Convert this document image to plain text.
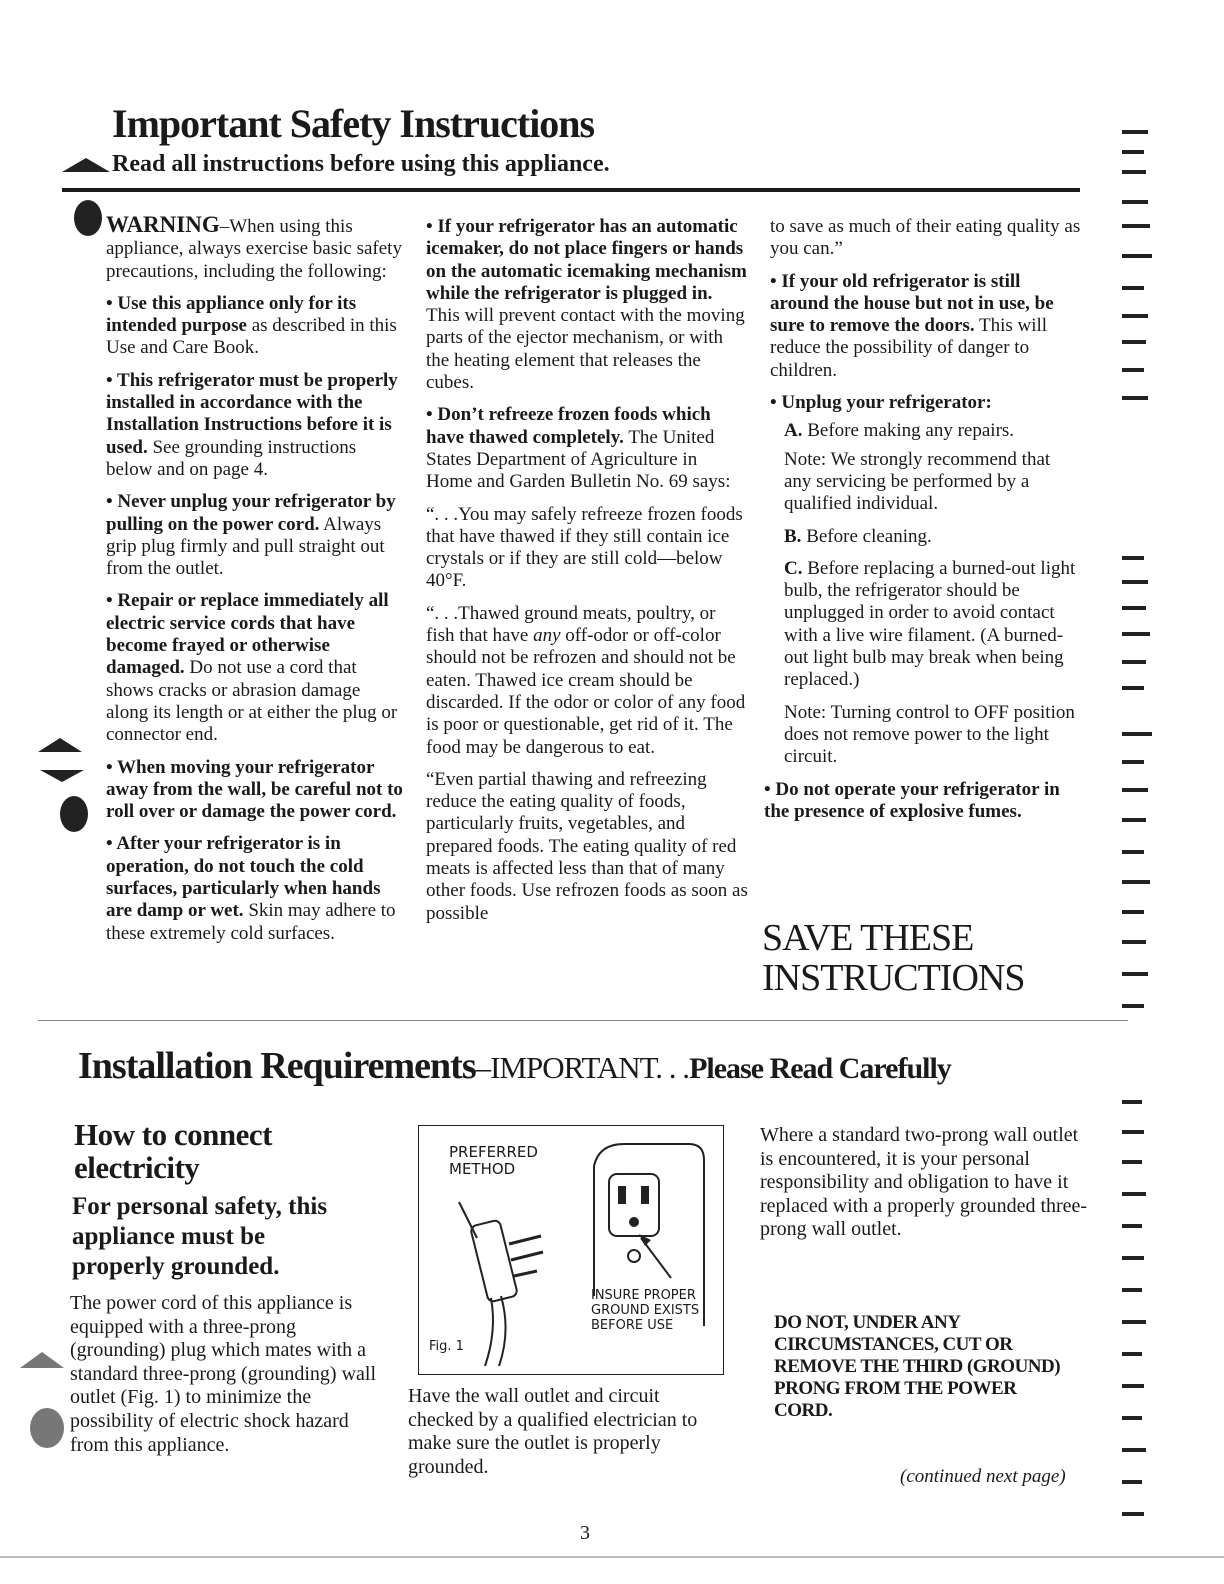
Important Safety Instructions
Read all instructions before using this appliance.

WARNING–When using this appliance, always exercise basic safety precautions, including the following:

• Use this appliance only for its intended purpose as described in this Use and Care Book.

• This refrigerator must be properly installed in accordance with the Installation Instructions before it is used. See grounding instructions below and on page 4.

• Never unplug your refrigerator by pulling on the power cord. Always grip plug firmly and pull straight out from the outlet.

• Repair or replace immediately all electric service cords that have become frayed or otherwise damaged. Do not use a cord that shows cracks or abrasion damage along its length or at either the plug or connector end.

• When moving your refrigerator away from the wall, be careful not to roll over or damage the power cord.

• After your refrigerator is in operation, do not touch the cold surfaces, particularly when hands are damp or wet. Skin may adhere to these extremely cold surfaces.

• If your refrigerator has an automatic icemaker, do not place fingers or hands on the automatic icemaking mechanism while the refrigerator is plugged in. This will prevent contact with the moving parts of the ejector mechanism, or with the heating element that releases the cubes.

• Don’t refreeze frozen foods which have thawed completely. The United States Department of Agriculture in Home and Garden Bulletin No. 69 says:

“. . .You may safely refreeze frozen foods that have thawed if they still contain ice crystals or if they are still cold—below 40°F.

“. . .Thawed ground meats, poultry, or fish that have any off-odor or off-color should not be refrozen and should not be eaten. Thawed ice cream should be discarded. If the odor or color of any food is poor or questionable, get rid of it. The food may be dangerous to eat.

“Even partial thawing and refreezing reduce the eating quality of foods, particularly fruits, vegetables, and prepared foods. The eating quality of red meats is affected less than that of many other foods. Use refrozen foods as soon as possible

to save as much of their eating quality as you can.”

• If your old refrigerator is still around the house but not in use, be sure to remove the doors. This will reduce the possibility of danger to children.

• Unplug your refrigerator:

A. Before making any repairs.

Note: We strongly recommend that any servicing be performed by a qualified individual.

B. Before cleaning.

C. Before replacing a burned-out light bulb, the refrigerator should be unplugged in order to avoid contact with a live wire filament. (A burned-out light bulb may break when being replaced.)

Note: Turning control to OFF position does not remove power to the light circuit.

• Do not operate your refrigerator in the presence of explosive fumes.

SAVE THESE
INSTRUCTIONS
Installation Requirements–IMPORTANT. . .Please Read Carefully
How to connect electricity
For personal safety, this appliance must be properly grounded.
The power cord of this appliance is equipped with a three-prong (grounding) plug which mates with a standard three-prong (grounding) wall outlet (Fig. 1) to minimize the possibility of electric shock hazard from this appliance.
PREFERRED METHOD
INSURE PROPER GROUND EXISTS BEFORE USE
Fig. 1
Have the wall outlet and circuit checked by a qualified electrician to make sure the outlet is properly grounded.
Where a standard two-prong wall outlet is encountered, it is your personal responsibility and obligation to have it replaced with a properly grounded three-prong wall outlet.
DO NOT, UNDER ANY CIRCUMSTANCES, CUT OR REMOVE THE THIRD (GROUND) PRONG FROM THE POWER CORD.
(continued next page)
3
